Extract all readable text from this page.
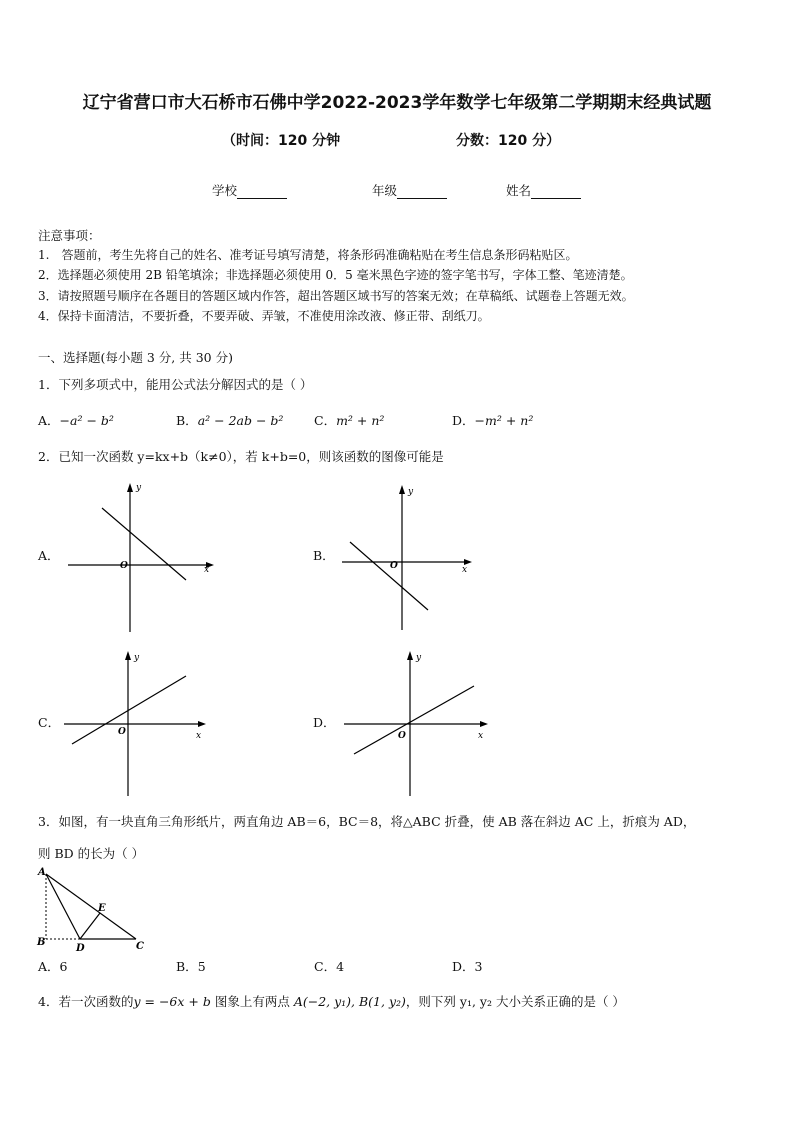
辽宁省营口市大石桥市石佛中学2022-2023学年数学七年级第二学期期末经典试题
（时间：120 分钟	分数：120 分）
学校	年级	姓名
注意事项：
1.　答题前，考生先将自己的姓名、准考证号填写清楚，将条形码准确粘贴在考生信息条形码粘贴区。
2．选择题必须使用 2B 铅笔填涂；非选择题必须使用 0．5 毫米黑色字迹的签字笔书写，字体工整、笔迹清楚。
3．请按照题号顺序在各题目的答题区域内作答，超出答题区域书写的答案无效；在草稿纸、试题卷上答题无效。
4．保持卡面清洁，不要折叠，不要弄破、弄皱，不准使用涂改液、修正带、刮纸刀。
一、选择题(每小题 3 分, 共 30 分)
1．下列多项式中，能用公式法分解因式的是（ ）
A．−a² − b²	B．a² − 2ab − b² C．m² + n²	D．−m² + n²
2．已知一次函数 y=kx+b（k≠0），若 k+b=0，则该函数的图像可能是
A．
y
x
O
B．
y
x
O
C．
y
x
O
D．
y
x
O
3．如图，有一块直角三角形纸片，两直角边 AB＝6，BC＝8，将△ABC 折叠，使 AB 落在斜边 AC 上，折痕为 AD，
则 BD 的长为（ ）
A
B	C
D
E
A．6	B．5	C．4	D．3
4．若一次函数的y = −6x + b 图象上有两点 A(−2, y₁), B(1, y₂)，则下列 y₁, y₂ 大小关系正确的是（ ）
